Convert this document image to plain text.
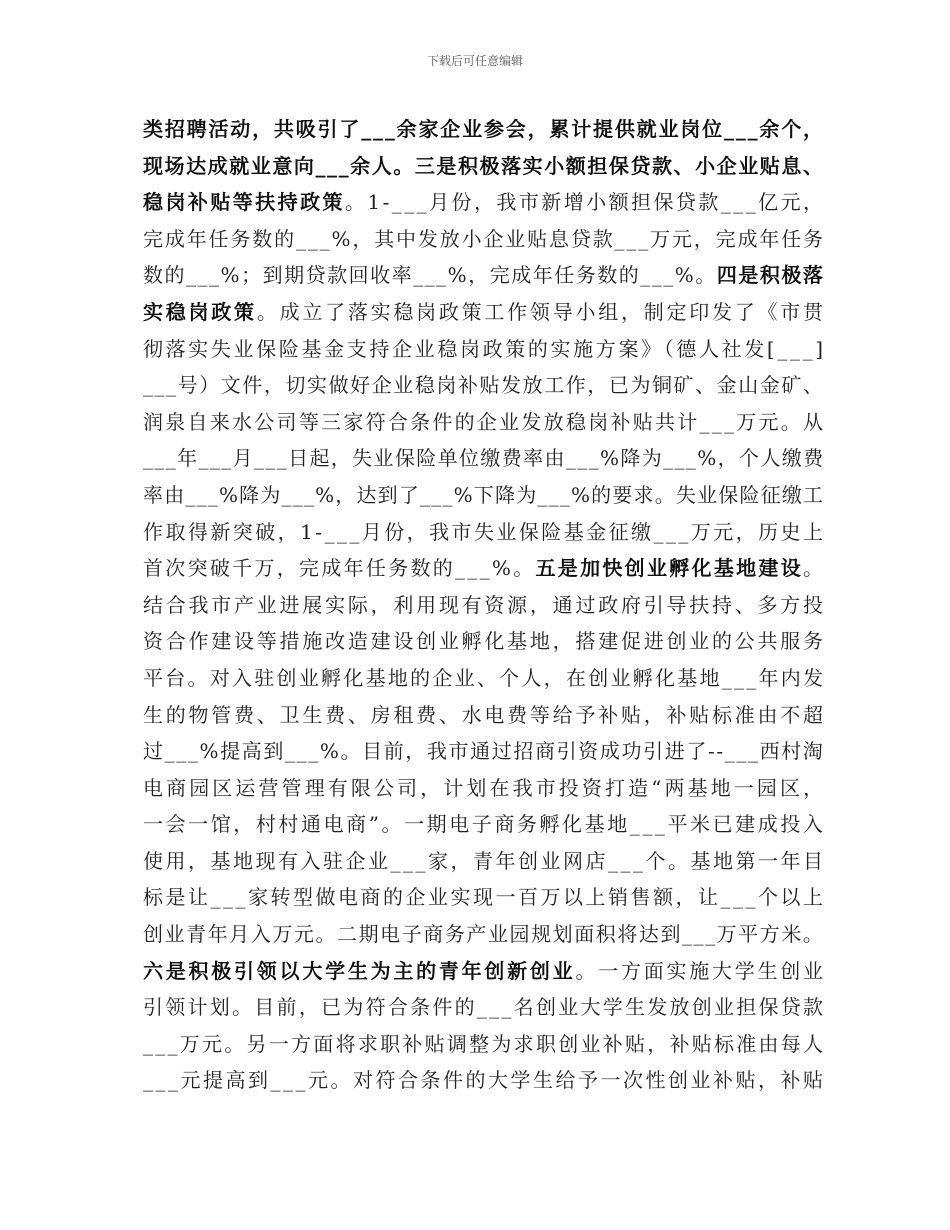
下载后可任意编辑
类招聘活动，共吸引了___余家企业参会，累计提供就业岗位___余个，
现场达成就业意向___余人。三是积极落实小额担保贷款、小企业贴息、
稳岗补贴等扶持政策。1-___月份，我市新增小额担保贷款___亿元，
完成年任务数的___%，其中发放小企业贴息贷款___万元，完成年任务
数的___%；到期贷款回收率___%，完成年任务数的___%。四是积极落
实稳岗政策。成立了落实稳岗政策工作领导小组，制定印发了《市贯
彻落实失业保险基金支持企业稳岗政策的实施方案》（德人社发[___]
___号）文件，切实做好企业稳岗补贴发放工作，已为铜矿、金山金矿、
润泉自来水公司等三家符合条件的企业发放稳岗补贴共计___万元。从
___年___月___日起，失业保险单位缴费率由___%降为___%，个人缴费
率由___%降为___%，达到了___%下降为___%的要求。失业保险征缴工
作取得新突破，1-___月份，我市失业保险基金征缴___万元，历史上
首次突破千万，完成年任务数的___%。五是加快创业孵化基地建设。
结合我市产业进展实际，利用现有资源，通过政府引导扶持、多方投
资合作建设等措施改造建设创业孵化基地，搭建促进创业的公共服务
平台。对入驻创业孵化基地的企业、个人，在创业孵化基地___年内发
生的物管费、卫生费、房租费、水电费等给予补贴，补贴标准由不超
过___%提高到___%。目前，我市通过招商引资成功引进了--___西村淘
电商园区运营管理有限公司，计划在我市投资打造“两基地一园区，
一会一馆，村村通电商”。一期电子商务孵化基地___平米已建成投入
使用，基地现有入驻企业___家，青年创业网店___个。基地第一年目
标是让___家转型做电商的企业实现一百万以上销售额，让___个以上
创业青年月入万元。二期电子商务产业园规划面积将达到___万平方米。
六是积极引领以大学生为主的青年创新创业。一方面实施大学生创业
引领计划。目前，已为符合条件的___名创业大学生发放创业担保贷款
___万元。另一方面将求职补贴调整为求职创业补贴，补贴标准由每人
___元提高到___元。对符合条件的大学生给予一次性创业补贴，补贴
